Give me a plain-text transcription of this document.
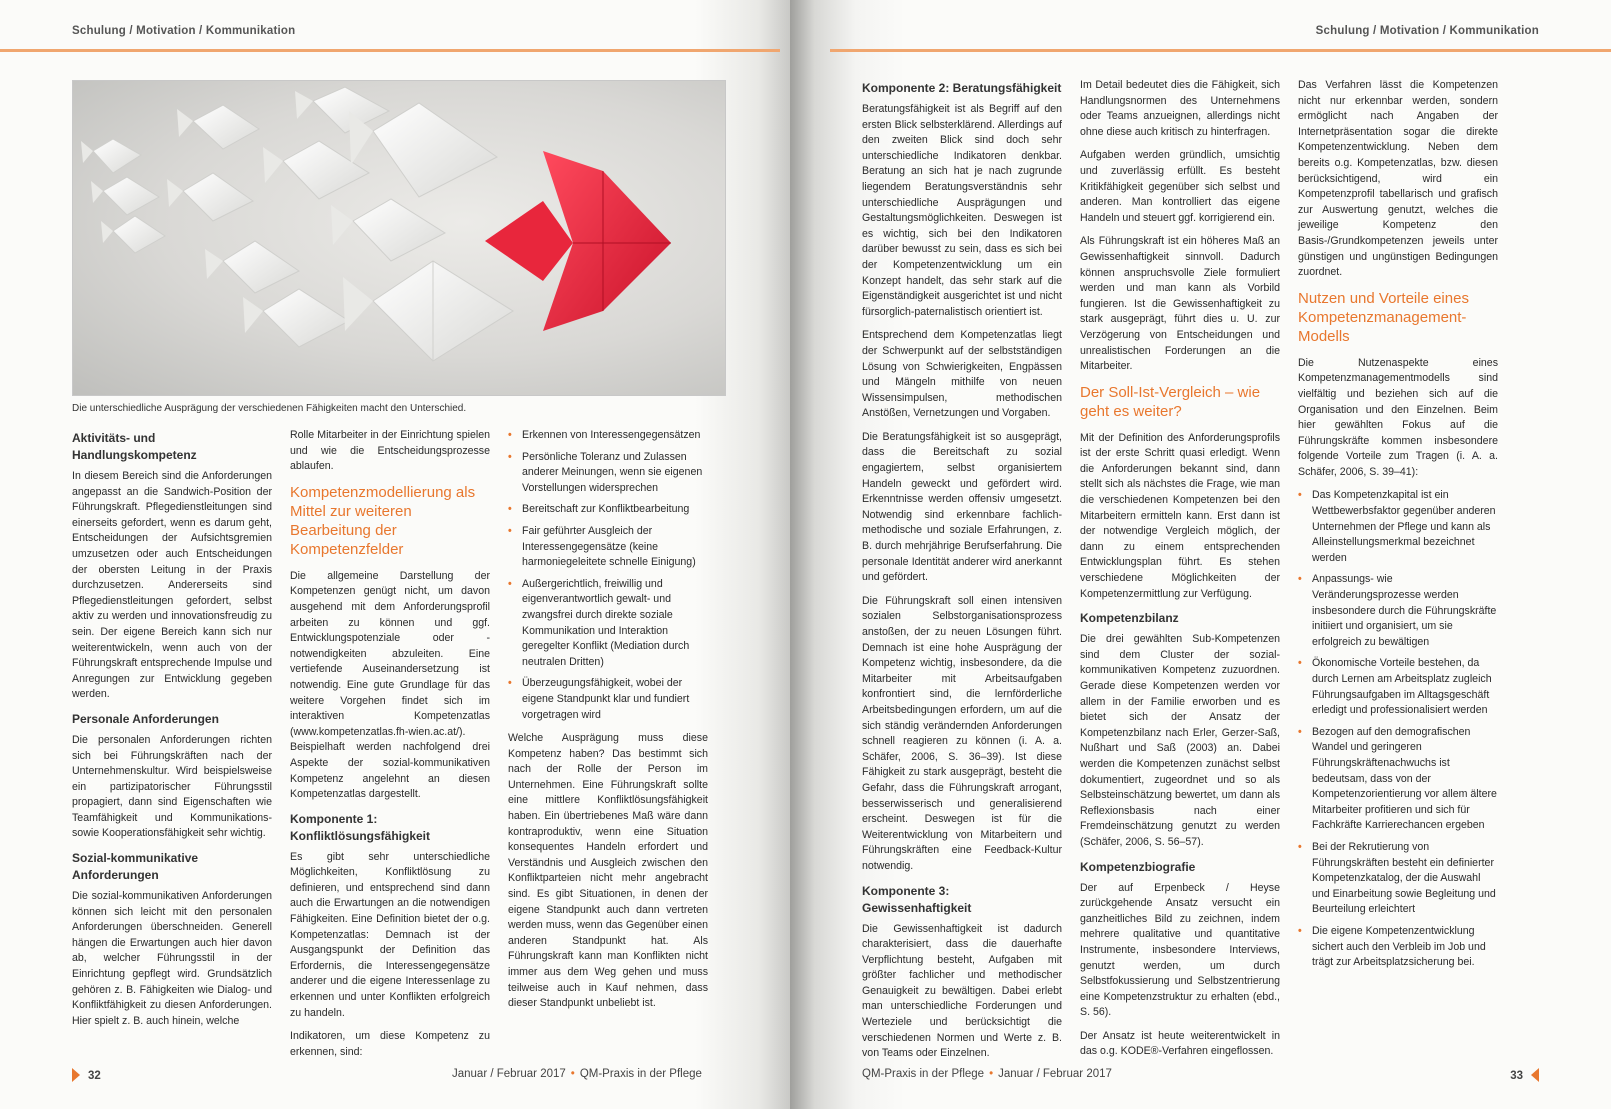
Schulung / Motivation / Kommunikation
Die unterschiedliche Ausprägung der verschiedenen Fähigkeiten macht den Unterschied.
Aktivitäts- und Handlungskompetenz

In diesem Bereich sind die Anforderungen angepasst an die Sandwich-Position der Führungskraft. Pflegedienstleitungen sind einerseits gefordert, wenn es darum geht, Entscheidungen der Aufsichtsgremien umzusetzen oder auch Entscheidungen der obersten Leitung in der Praxis durchzusetzen. Andererseits sind Pflegedienstleitungen gefordert, selbst aktiv zu werden und innovationsfreudig zu sein. Der eigene Bereich kann sich nur weiterentwickeln, wenn auch von der Führungskraft entsprechende Impulse und Anregungen zur Entwicklung gegeben werden.

Personale Anforderungen

Die personalen Anforderungen richten sich bei Führungskräften nach der Unternehmenskultur. Wird beispielsweise ein partizipatorischer Führungsstil propagiert, dann sind Eigenschaften wie Teamfähigkeit und Kommunikations- sowie Kooperationsfähigkeit sehr wichtig.

Sozial-kommunikative Anforderungen

Die sozial-kommunikativen Anforderungen können sich leicht mit den personalen Anforderungen überschneiden. Generell hängen die Erwartungen auch hier davon ab, welcher Führungsstil in der Einrichtung gepflegt wird. Grundsätzlich gehören z. B. Fähigkeiten wie Dialog- und Konfliktfähigkeit zu diesen Anforderungen. Hier spielt z. B. auch hinein, welche

Rolle Mitarbeiter in der Einrichtung spielen und wie die Entscheidungsprozesse ablaufen.

Kompetenzmodellierung als Mittel zur weiteren Bearbeitung der Kompetenzfelder

Die allgemeine Darstellung der Kompetenzen genügt nicht, um davon ausgehend mit dem Anforderungsprofil arbeiten zu können und ggf. Entwicklungspotenziale oder -notwendigkeiten abzuleiten. Eine vertiefende Auseinandersetzung ist notwendig. Eine gute Grundlage für das weitere Vorgehen findet sich im interaktiven Kompetenzatlas (www.kompetenzatlas.fh-wien.ac.at/). Beispielhaft werden nachfolgend drei Aspekte der sozial-kommunikativen Kompetenz angelehnt an diesen Kompetenzatlas dargestellt.

Komponente 1: Konfliktlösungsfähigkeit

Es gibt sehr unterschiedliche Möglichkeiten, Konfliktlösung zu definieren, und entsprechend sind dann auch die Erwartungen an die notwendigen Fähigkeiten. Eine Definition bietet der o.g. Kompetenzatlas: Demnach ist der Ausgangspunkt der Definition das Erfordernis, die Interessengegensätze anderer und die eigene Interessenlage zu erkennen und unter Konflikten erfolgreich zu handeln.

Indikatoren, um diese Kompetenz zu erkennen, sind:

• Erkennen von Interessengegensätzen
• Persönliche Toleranz und Zulassen anderer Meinungen, wenn sie eigenen Vorstellungen widersprechen
• Bereitschaft zur Konfliktbearbeitung
• Fair geführter Ausgleich der Interessengegensätze (keine harmoniegeleitete schnelle Einigung)
• Außergerichtlich, freiwillig und eigenverantwortlich gewalt- und zwangsfrei durch direkte soziale Kommunikation und Interaktion geregelter Konflikt (Mediation durch neutralen Dritten)
• Überzeugungsfähigkeit, wobei der eigene Standpunkt klar und fundiert vorgetragen wird

Welche Ausprägung muss diese Kompetenz haben? Das bestimmt sich nach der Rolle der Person im Unternehmen. Eine Führungskraft sollte eine mittlere Konfliktlösungsfähigkeit haben. Ein übertriebenes Maß wäre dann kontraproduktiv, wenn eine Situation konsequentes Handeln erfordert und Verständnis und Ausgleich zwischen den Konfliktparteien nicht mehr angebracht sind. Es gibt Situationen, in denen der eigene Standpunkt auch dann vertreten werden muss, wenn das Gegenüber einen anderen Standpunkt hat. Als Führungskraft kann man Konflikten nicht immer aus dem Weg gehen und muss teilweise auch in Kauf nehmen, dass dieser Standpunkt unbeliebt ist.

32	Januar / Februar 2017 • QM-Praxis in der Pflege
Schulung / Motivation / Kommunikation
Komponente 2: Beratungsfähigkeit

Beratungsfähigkeit ist als Begriff auf den ersten Blick selbsterklärend. Allerdings auf den zweiten Blick sind doch sehr unterschiedliche Indikatoren denkbar. Beratung an sich hat je nach zugrunde liegendem Beratungsverständnis sehr unterschiedliche Ausprägungen und Gestaltungsmöglichkeiten. Deswegen ist es wichtig, sich bei den Indikatoren darüber bewusst zu sein, dass es sich bei der Kompetenzentwicklung um ein Konzept handelt, das sehr stark auf die Eigenständigkeit ausgerichtet ist und nicht fürsorglich-paternalistisch orientiert ist.

Entsprechend dem Kompetenzatlas liegt der Schwerpunkt auf der selbstständigen Lösung von Schwierigkeiten, Engpässen und Mängeln mithilfe von neuen Wissensimpulsen, methodischen Anstößen, Vernetzungen und Vorgaben.

Die Beratungsfähigkeit ist so ausgeprägt, dass die Bereitschaft zu sozial engagiertem, selbst organisiertem Handeln geweckt und gefördert wird. Erkenntnisse werden offensiv umgesetzt. Notwendig sind erkennbare fachlich-methodische und soziale Erfahrungen, z. B. durch mehrjährige Berufserfahrung. Die personale Identität anderer wird anerkannt und gefördert.

Die Führungskraft soll einen intensiven sozialen Selbstorganisationsprozess anstoßen, der zu neuen Lösungen führt. Demnach ist eine hohe Ausprägung der Kompetenz wichtig, insbesondere, da die Mitarbeiter mit Arbeitsaufgaben konfrontiert sind, die lernförderliche Arbeitsbedingungen erfordern, um auf die sich ständig verändernden Anforderungen schnell reagieren zu können (i. A. a. Schäfer, 2006, S. 36–39). Ist diese Fähigkeit zu stark ausgeprägt, besteht die Gefahr, dass die Führungskraft arrogant, besserwisserisch und generalisierend erscheint. Deswegen ist für die Weiterentwicklung von Mitarbeitern und Führungskräften eine Feedback-Kultur notwendig.

Komponente 3: Gewissenhaftigkeit

Die Gewissenhaftigkeit ist dadurch charakterisiert, dass die dauerhafte Verpflichtung besteht, Aufgaben mit größter fachlicher und methodischer Genauigkeit zu bewältigen. Dabei erlebt man unterschiedliche Forderungen und Werteziele und berücksichtigt die verschiedenen Normen und Werte z. B. von Teams oder Einzelnen.

Im Detail bedeutet dies die Fähigkeit, sich Handlungsnormen des Unternehmens oder Teams anzueignen, allerdings nicht ohne diese auch kritisch zu hinterfragen.

Aufgaben werden gründlich, umsichtig und zuverlässig erfüllt. Es besteht Kritikfähigkeit gegenüber sich selbst und anderen. Man kontrolliert das eigene Handeln und steuert ggf. korrigierend ein.

Als Führungskraft ist ein höheres Maß an Gewissenhaftigkeit sinnvoll. Dadurch können anspruchsvolle Ziele formuliert werden und man kann als Vorbild fungieren. Ist die Gewissenhaftigkeit zu stark ausgeprägt, führt dies u. U. zur Verzögerung von Entscheidungen und unrealistischen Forderungen an die Mitarbeiter.

Der Soll-Ist-Vergleich – wie geht es weiter?

Mit der Definition des Anforderungsprofils ist der erste Schritt quasi erledigt. Wenn die Anforderungen bekannt sind, dann stellt sich als nächstes die Frage, wie man die verschiedenen Kompetenzen bei den Mitarbeitern ermitteln kann. Erst dann ist der notwendige Vergleich möglich, der dann zu einem entsprechenden Entwicklungsplan führt. Es stehen verschiedene Möglichkeiten der Kompetenzermittlung zur Verfügung.

Kompetenzbilanz

Die drei gewählten Sub-Kompetenzen sind dem Cluster der sozial-kommunikativen Kompetenz zuzuordnen. Gerade diese Kompetenzen werden vor allem in der Familie erworben und es bietet sich der Ansatz der Kompetenzbilanz nach Erler, Gerzer-Saß, Nußhart und Saß (2003) an. Dabei werden die Kompetenzen zunächst selbst dokumentiert, zugeordnet und so als Selbsteinschätzung bewertet, um dann als Reflexionsbasis nach einer Fremdeinschätzung genutzt zu werden (Schäfer, 2006, S. 56–57).

Kompetenzbiografie

Der auf Erpenbeck / Heyse zurückgehende Ansatz versucht ein ganzheitliches Bild zu zeichnen, indem mehrere qualitative und quantitative Instrumente, insbesondere Interviews, genutzt werden, um durch Selbstfokussierung und Selbstzentrierung eine Kompetenzstruktur zu erhalten (ebd., S. 56).

Der Ansatz ist heute weiterentwickelt in das o.g. KODE®-Verfahren eingeflossen.

Das Verfahren lässt die Kompetenzen nicht nur erkennbar werden, sondern ermöglicht nach Angaben der Internetpräsentation sogar die direkte Kompetenzentwicklung. Neben dem bereits o.g. Kompetenzatlas, bzw. diesen berücksichtigend, wird ein Kompetenzprofil tabellarisch und grafisch zur Auswertung genutzt, welches die jeweilige Kompetenz den Basis-/Grundkompetenzen jeweils unter günstigen und ungünstigen Bedingungen zuordnet.

Nutzen und Vorteile eines Kompetenzmanagement-Modells

Die Nutzenaspekte eines Kompetenzmanagementmodells sind vielfältig und beziehen sich auf die Organisation und den Einzelnen. Beim hier gewählten Fokus auf die Führungskräfte kommen insbesondere folgende Vorteile zum Tragen (i. A. a. Schäfer, 2006, S. 39–41):

• Das Kompetenzkapital ist ein Wettbewerbsfaktor gegenüber anderen Unternehmen der Pflege und kann als Alleinstellungsmerkmal bezeichnet werden
• Anpassungs- wie Veränderungsprozesse werden insbesondere durch die Führungskräfte initiiert und organisiert, um sie erfolgreich zu bewältigen
• Ökonomische Vorteile bestehen, da durch Lernen am Arbeitsplatz zugleich Führungsaufgaben im Alltagsgeschäft erledigt und professionalisiert werden
• Bezogen auf den demografischen Wandel und geringeren Führungskräftenachwuchs ist bedeutsam, dass von der Kompetenzorientierung vor allem ältere Mitarbeiter profitieren und sich für Fachkräfte Karrierechancen ergeben
• Bei der Rekrutierung von Führungskräften besteht ein definierter Kompetenzkatalog, der die Auswahl und Einarbeitung sowie Begleitung und Beurteilung erleichtert
• Die eigene Kompetenzentwicklung sichert auch den Verbleib im Job und trägt zur Arbeitsplatzsicherung bei.
QM-Praxis in der Pflege • Januar / Februar 2017	33
